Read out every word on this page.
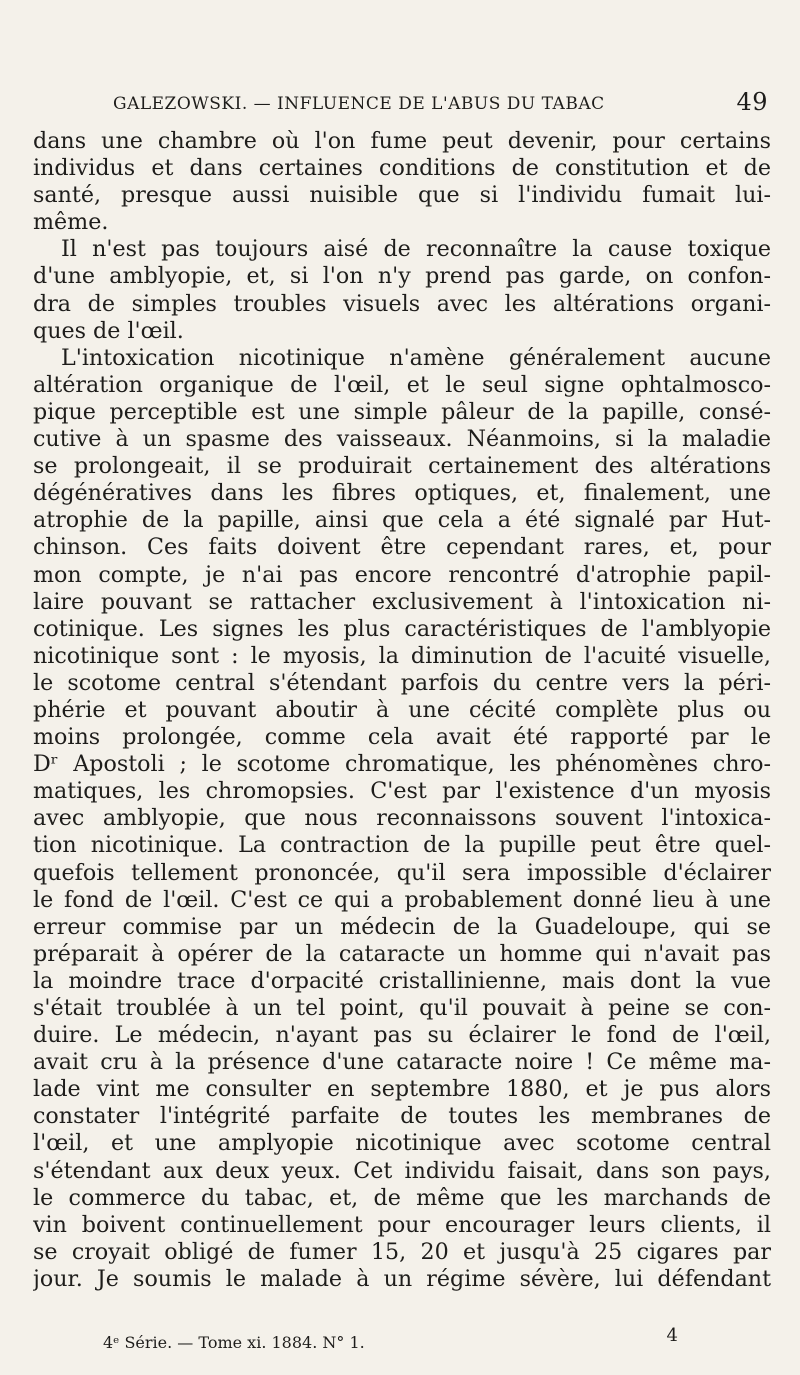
GALEZOWSKI. — INFLUENCE DE L'ABUS DU TABAC	49
dans une chambre où l'on fume peut devenir, pour certains
individus et dans certaines conditions de constitution et de
santé, presque aussi nuisible que si l'individu fumait lui-
même.
Il n'est pas toujours aisé de reconnaître la cause toxique
d'une amblyopie, et, si l'on n'y prend pas garde, on confon-
dra de simples troubles visuels avec les altérations organi-
ques de l'œil.
L'intoxication nicotinique n'amène généralement aucune
altération organique de l'œil, et le seul signe ophtalmosco-
pique perceptible est une simple pâleur de la papille, consé-
cutive à un spasme des vaisseaux. Néanmoins, si la maladie
se prolongeait, il se produirait certainement des altérations
dégénératives dans les fibres optiques, et, finalement, une
atrophie de la papille, ainsi que cela a été signalé par Hut-
chinson. Ces faits doivent être cependant rares, et, pour
mon compte, je n'ai pas encore rencontré d'atrophie papil-
laire pouvant se rattacher exclusivement à l'intoxication ni-
cotinique. Les signes les plus caractéristiques de l'amblyopie
nicotinique sont : le myosis, la diminution de l'acuité visuelle,
le scotome central s'étendant parfois du centre vers la péri-
phérie et pouvant aboutir à une cécité complète plus ou
moins prolongée, comme cela avait été rapporté par le
Dʳ Apostoli ; le scotome chromatique, les phénomènes chro-
matiques, les chromopsies. C'est par l'existence d'un myosis
avec amblyopie, que nous reconnaissons souvent l'intoxica-
tion nicotinique. La contraction de la pupille peut être quel-
quefois tellement prononcée, qu'il sera impossible d'éclairer
le fond de l'œil. C'est ce qui a probablement donné lieu à une
erreur commise par un médecin de la Guadeloupe, qui se
préparait à opérer de la cataracte un homme qui n'avait pas
la moindre trace d'orpacité cristallinienne, mais dont la vue
s'était troublée à un tel point, qu'il pouvait à peine se con-
duire. Le médecin, n'ayant pas su éclairer le fond de l'œil,
avait cru à la présence d'une cataracte noire ! Ce même ma-
lade vint me consulter en septembre 1880, et je pus alors
constater l'intégrité parfaite de toutes les membranes de
l'œil, et une amplyopie nicotinique avec scotome central
s'étendant aux deux yeux. Cet individu faisait, dans son pays,
le commerce du tabac, et, de même que les marchands de
vin boivent continuellement pour encourager leurs clients, il
se croyait obligé de fumer 15, 20 et jusqu'à 25 cigares par
jour. Je soumis le malade à un régime sévère, lui défendant
4ᵉ Série. — Tome xi. 1884. N° 1.	4
